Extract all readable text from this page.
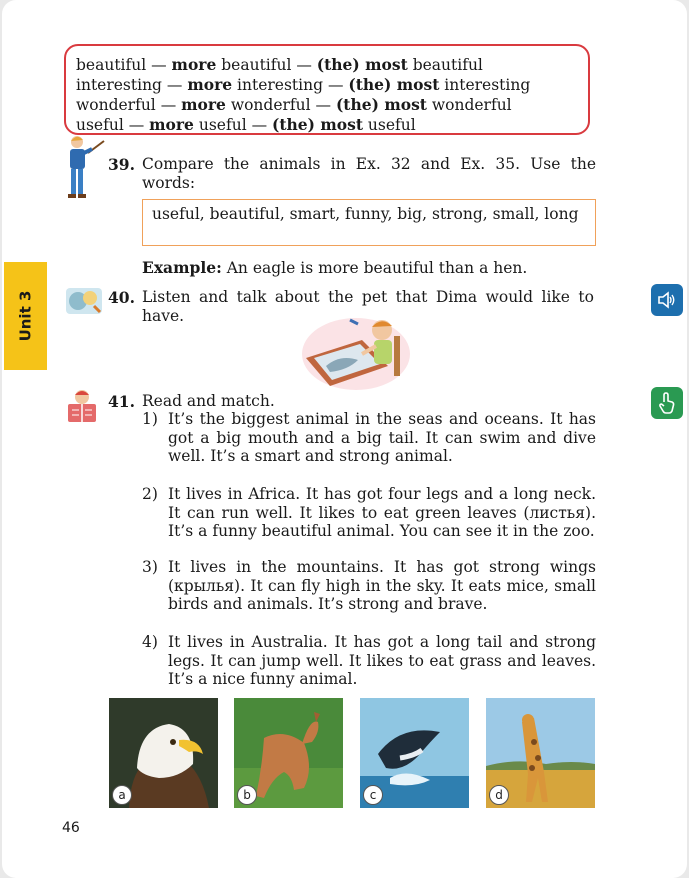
beautiful — more beautiful — (the) most beautiful
interesting — more interesting — (the) most interesting
wonderful — more wonderful — (the) most wonderful
useful — more useful — (the) most useful
39. Compare the animals in Ex. 32 and Ex. 35. Use the words:
useful, beautiful, smart, funny, big, strong, small, long
Example: An eagle is more beautiful than a hen.
Unit 3	40. Listen and talk about the pet that Dima would like to have.
41. Read and match.
1) It’s the biggest animal in the seas and oceans. It has got a big mouth and a big tail. It can swim and dive well. It’s a smart and strong animal.
2) It lives in Africa. It has got four legs and a long neck. It can run well. It likes to eat green leaves (листья). It’s a funny beautiful animal. You can see it in the zoo.
3) It lives in the mountains. It has got strong wings (крылья). It can fly high in the sky. It eats mice, small birds and animals. It’s strong and brave.
4) It lives in Australia. It has got a long tail and strong legs. It can jump well. It likes to eat grass and leaves. It’s a nice funny animal.
a	b	c	d
46
